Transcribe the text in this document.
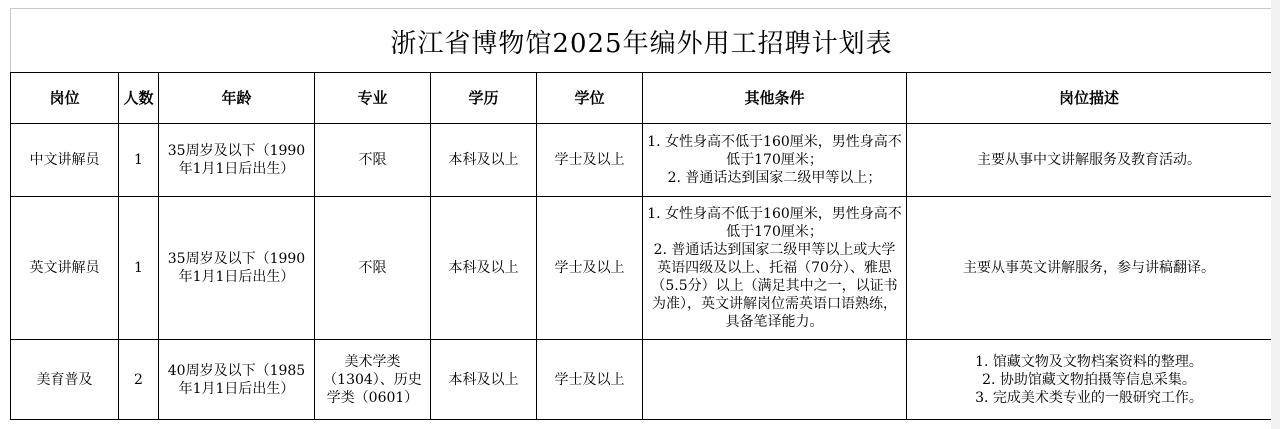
浙江省博物馆2025年编外用工招聘计划表
岗位	人数	年龄	专业	学历	学位	其他条件	岗位描述
中文讲解员	1	35周岁及以下（1990年1月1日后出生）	不限	本科及以上	学士及以上	1. 女性身高不低于160厘米，男性身高不低于170厘米；
2. 普通话达到国家二级甲等以上；	主要从事中文讲解服务及教育活动。

英文讲解员	1	35周岁及以下（1990年1月1日后出生）	不限	本科及以上	学士及以上	1. 女性身高不低于160厘米，男性身高不低于170厘米；
2. 普通话达到国家二级甲等以上或大学英语四级及以上、托福（70分）、雅思（5.5分）以上（满足其中之一，以证书为准），英文讲解岗位需英语口语熟练，具备笔译能力。	主要从事英文讲解服务，参与讲稿翻译。

美育普及	2	40周岁及以下（1985年1月1日后出生）	美术学类（1304）、历史学类（0601）	本科及以上	学士及以上		1. 馆藏文物及文物档案资料的整理。
2. 协助馆藏文物拍摄等信息采集。
3. 完成美术类专业的一般研究工作。
